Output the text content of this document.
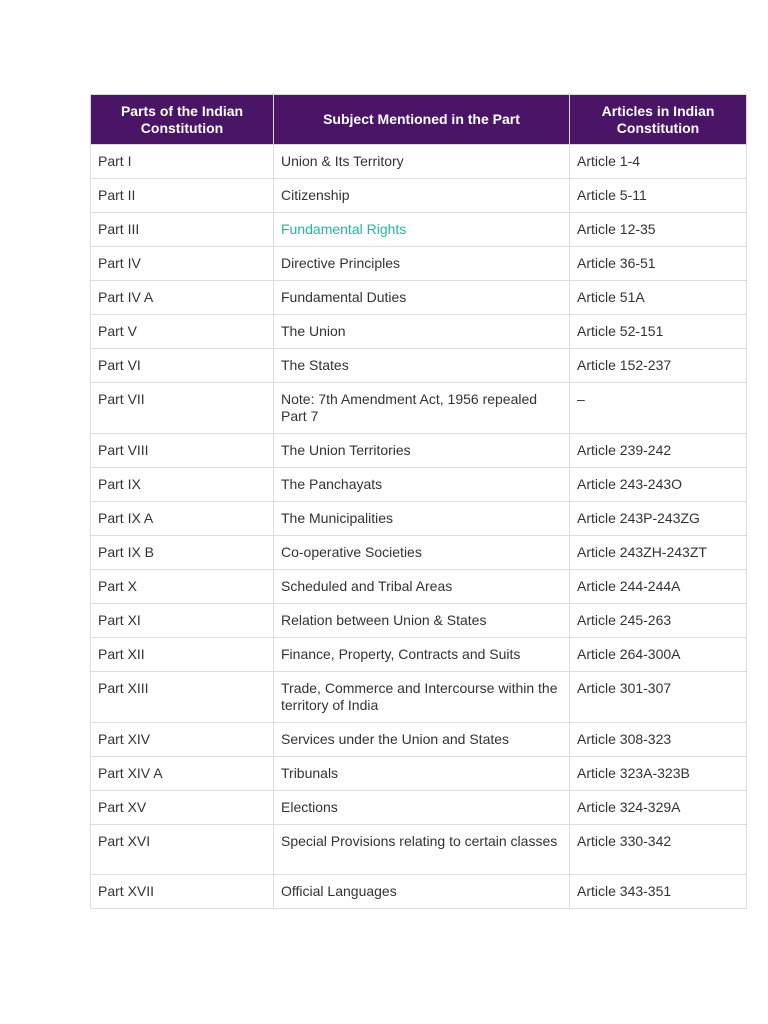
Parts of the Indian Constitution	Subject Mentioned in the Part	Articles in Indian Constitution
Part I	Union & Its Territory	Article 1-4
Part II	Citizenship	Article 5-11
Part III	Fundamental Rights	Article 12-35
Part IV	Directive Principles	Article 36-51
Part IV A	Fundamental Duties	Article 51A
Part V	The Union	Article 52-151
Part VI	The States	Article 152-237
Part VII	Note: 7th Amendment Act, 1956 repealed Part 7	–
Part VIII	The Union Territories	Article 239-242
Part IX	The Panchayats	Article 243-243O
Part IX A	The Municipalities	Article 243P-243ZG
Part IX B	Co-operative Societies	Article 243ZH-243ZT
Part X	Scheduled and Tribal Areas	Article 244-244A
Part XI	Relation between Union & States	Article 245-263
Part XII	Finance, Property, Contracts and Suits	Article 264-300A
Part XIII	Trade, Commerce and Intercourse within the territory of India	Article 301-307
Part XIV	Services under the Union and States	Article 308-323
Part XIV A	Tribunals	Article 323A-323B
Part XV	Elections	Article 324-329A
Part XVI	Special Provisions relating to certain classes	Article 330-342
Part XVII	Official Languages	Article 343-351
